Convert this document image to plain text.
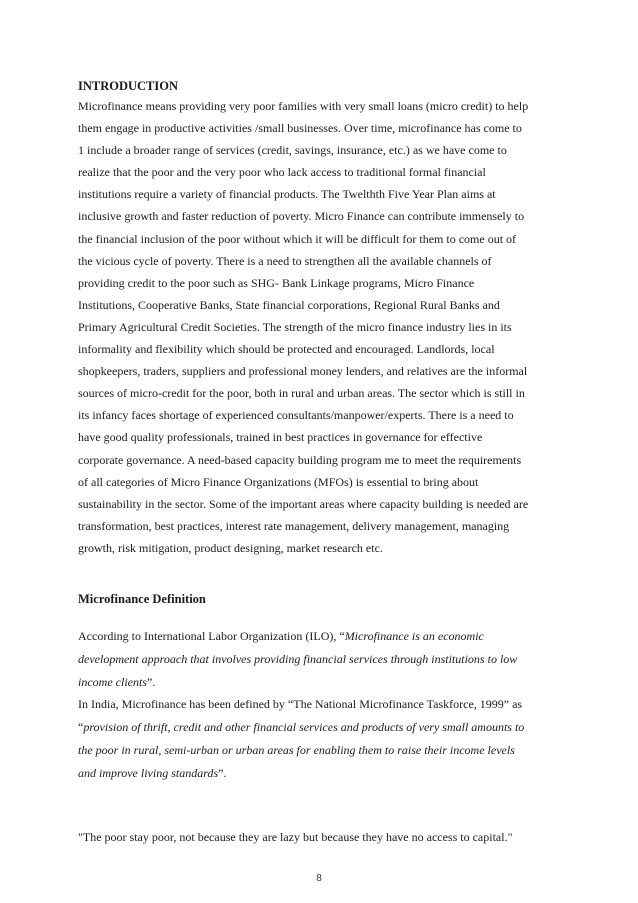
INTRODUCTION

Microfinance means providing very poor families with very small loans (micro credit) to help
them engage in productive activities /small businesses. Over time, microfinance has come to
1 include a broader range of services (credit, savings, insurance, etc.) as we have come to
realize that the poor and the very poor who lack access to traditional formal financial
institutions require a variety of financial products. The Twelthth Five Year Plan aims at
inclusive growth and faster reduction of poverty. Micro Finance can contribute immensely to
the financial inclusion of the poor without which it will be difficult for them to come out of
the vicious cycle of poverty. There is a need to strengthen all the available channels of
providing credit to the poor such as SHG- Bank Linkage programs, Micro Finance
Institutions, Cooperative Banks, State financial corporations, Regional Rural Banks and
Primary Agricultural Credit Societies. The strength of the micro finance industry lies in its
informality and flexibility which should be protected and encouraged. Landlords, local
shopkeepers, traders, suppliers and professional money lenders, and relatives are the informal
sources of micro-credit for the poor, both in rural and urban areas. The sector which is still in
its infancy faces shortage of experienced consultants/manpower/experts. There is a need to
have good quality professionals, trained in best practices in governance for effective
corporate governance. A need-based capacity building program me to meet the requirements
of all categories of Micro Finance Organizations (MFOs) is essential to bring about
sustainability in the sector. Some of the important areas where capacity building is needed are
transformation, best practices, interest rate management, delivery management, managing
growth, risk mitigation, product designing, market research etc.

Microfinance Definition
According to International Labor Organization (ILO), “Microfinance is an economic
development approach that involves providing financial services through institutions to low
income clients”.
In India, Microfinance has been defined by “The National Microfinance Taskforce, 1999” as
“provision of thrift, credit and other financial services and products of very small amounts to
the poor in rural, semi-urban or urban areas for enabling them to raise their income levels
and improve living standards”.

"The poor stay poor, not because they are lazy but because they have no access to capital."

8
